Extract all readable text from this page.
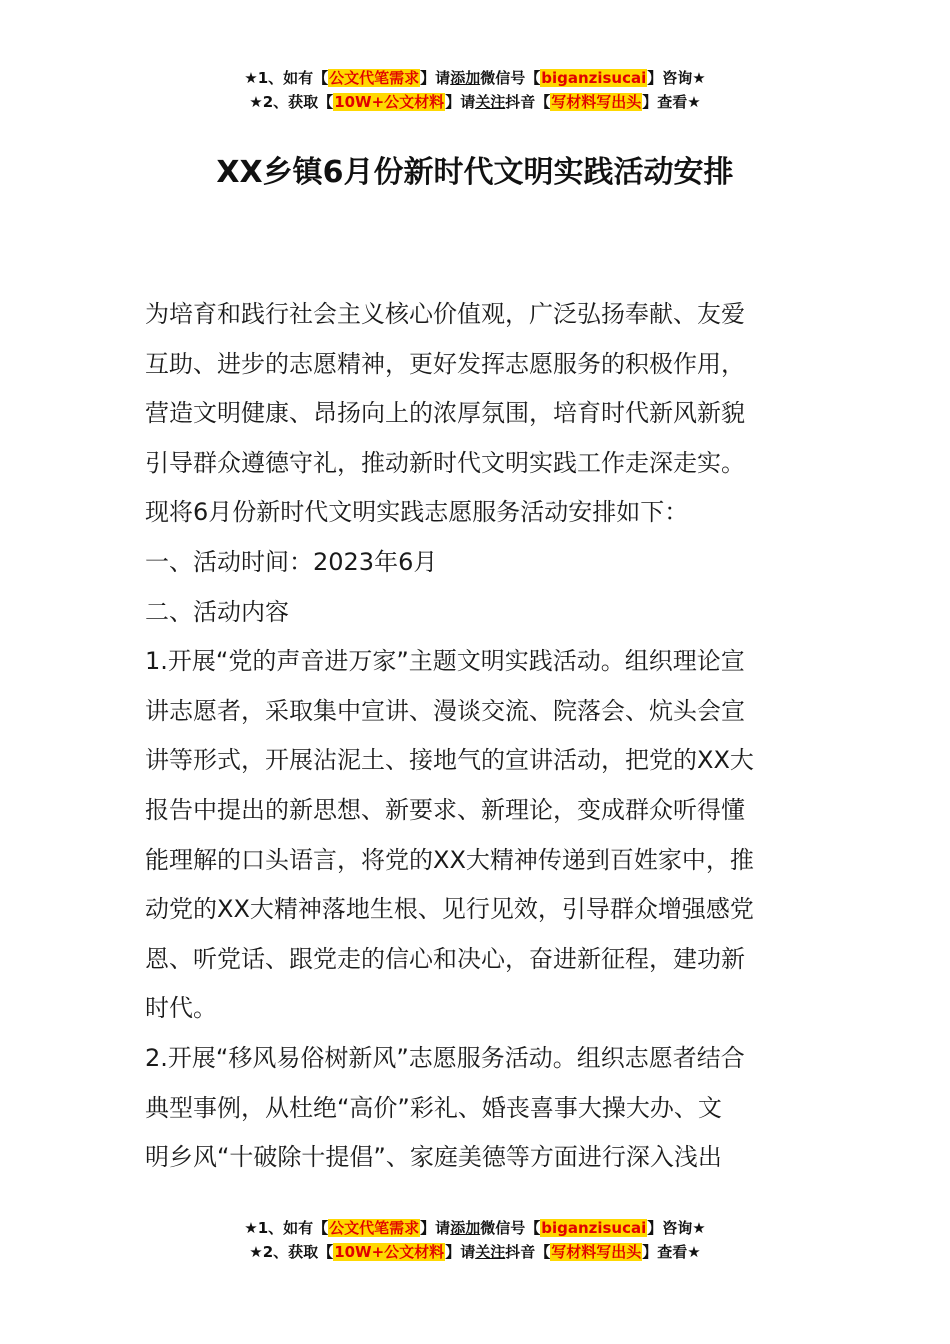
★1、如有【公文代笔需求】请添加微信号【biganzisucai】咨询★
★2、获取【10W+公文材料】请关注抖音【写材料写出头】查看★
XX乡镇6月份新时代文明实践活动安排
为培育和践行社会主义核心价值观，广泛弘扬奉献、友爱
互助、进步的志愿精神，更好发挥志愿服务的积极作用，
营造文明健康、昂扬向上的浓厚氛围，培育时代新风新貌
引导群众遵德守礼，推动新时代文明实践工作走深走实。
现将6月份新时代文明实践志愿服务活动安排如下：
一、活动时间：2023年6月
二、活动内容
1.开展“党的声音进万家”主题文明实践活动。组织理论宣
讲志愿者，采取集中宣讲、漫谈交流、院落会、炕头会宣
讲等形式，开展沾泥土、接地气的宣讲活动，把党的XX大
报告中提出的新思想、新要求、新理论，变成群众听得懂
能理解的口头语言，将党的XX大精神传递到百姓家中，推
动党的XX大精神落地生根、见行见效，引导群众增强感党
恩、听党话、跟党走的信心和决心，奋进新征程，建功新
时代。
2.开展“移风易俗树新风”志愿服务活动。组织志愿者结合
典型事例，从杜绝“高价”彩礼、婚丧喜事大操大办、文
明乡风“十破除十提倡”、家庭美德等方面进行深入浅出
★1、如有【公文代笔需求】请添加微信号【biganzisucai】咨询★
★2、获取【10W+公文材料】请关注抖音【写材料写出头】查看★
